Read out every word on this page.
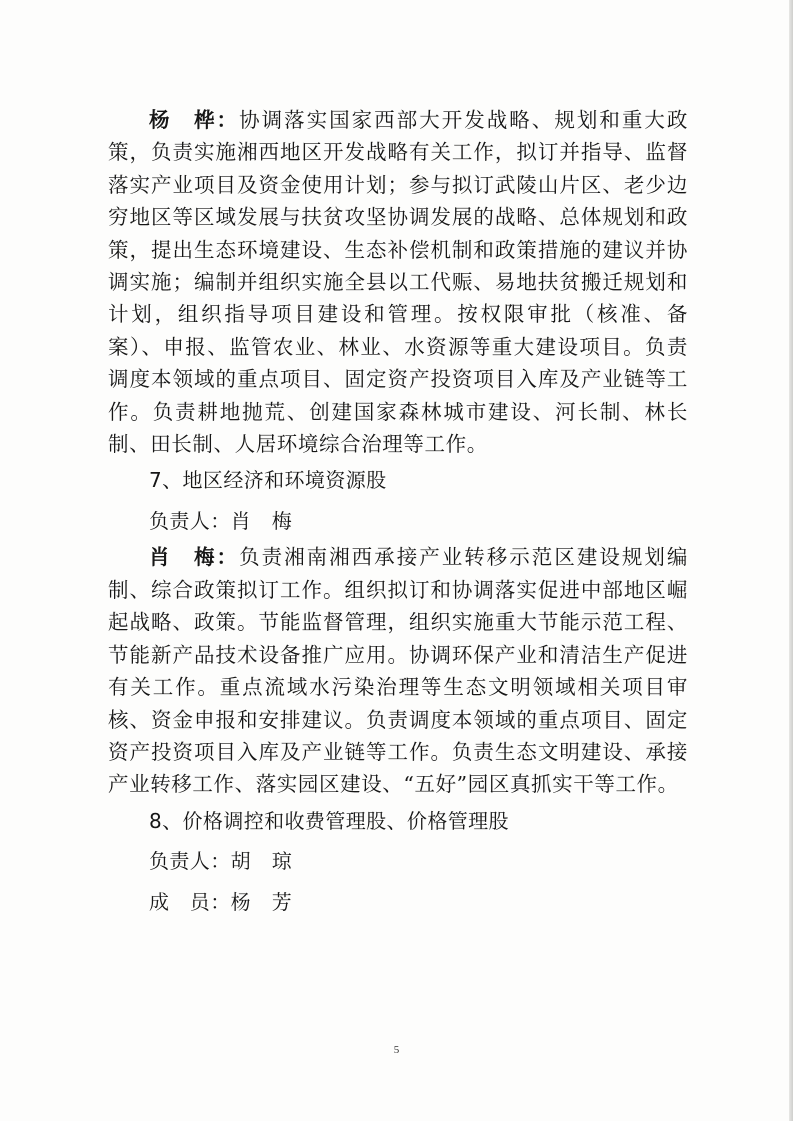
杨　桦：协调落实国家西部大开发战略、规划和重大政策，负责实施湘西地区开发战略有关工作，拟订并指导、监督落实产业项目及资金使用计划；参与拟订武陵山片区、老少边穷地区等区域发展与扶贫攻坚协调发展的战略、总体规划和政策，提出生态环境建设、生态补偿机制和政策措施的建议并协调实施；编制并组织实施全县以工代赈、易地扶贫搬迁规划和计划，组织指导项目建设和管理。按权限审批（核准、备案）、申报、监管农业、林业、水资源等重大建设项目。负责调度本领域的重点项目、固定资产投资项目入库及产业链等工作。负责耕地抛荒、创建国家森林城市建设、河长制、林长制、田长制、人居环境综合治理等工作。

7、地区经济和环境资源股

负责人：肖　梅

肖　梅：负责湘南湘西承接产业转移示范区建设规划编制、综合政策拟订工作。组织拟订和协调落实促进中部地区崛起战略、政策。节能监督管理，组织实施重大节能示范工程、节能新产品技术设备推广应用。协调环保产业和清洁生产促进有关工作。重点流域水污染治理等生态文明领域相关项目审核、资金申报和安排建议。负责调度本领域的重点项目、固定资产投资项目入库及产业链等工作。负责生态文明建设、承接产业转移工作、落实园区建设、“五好”园区真抓实干等工作。

8、价格调控和收费管理股、价格管理股

负责人：胡　琼

成　员：杨　芳

5
